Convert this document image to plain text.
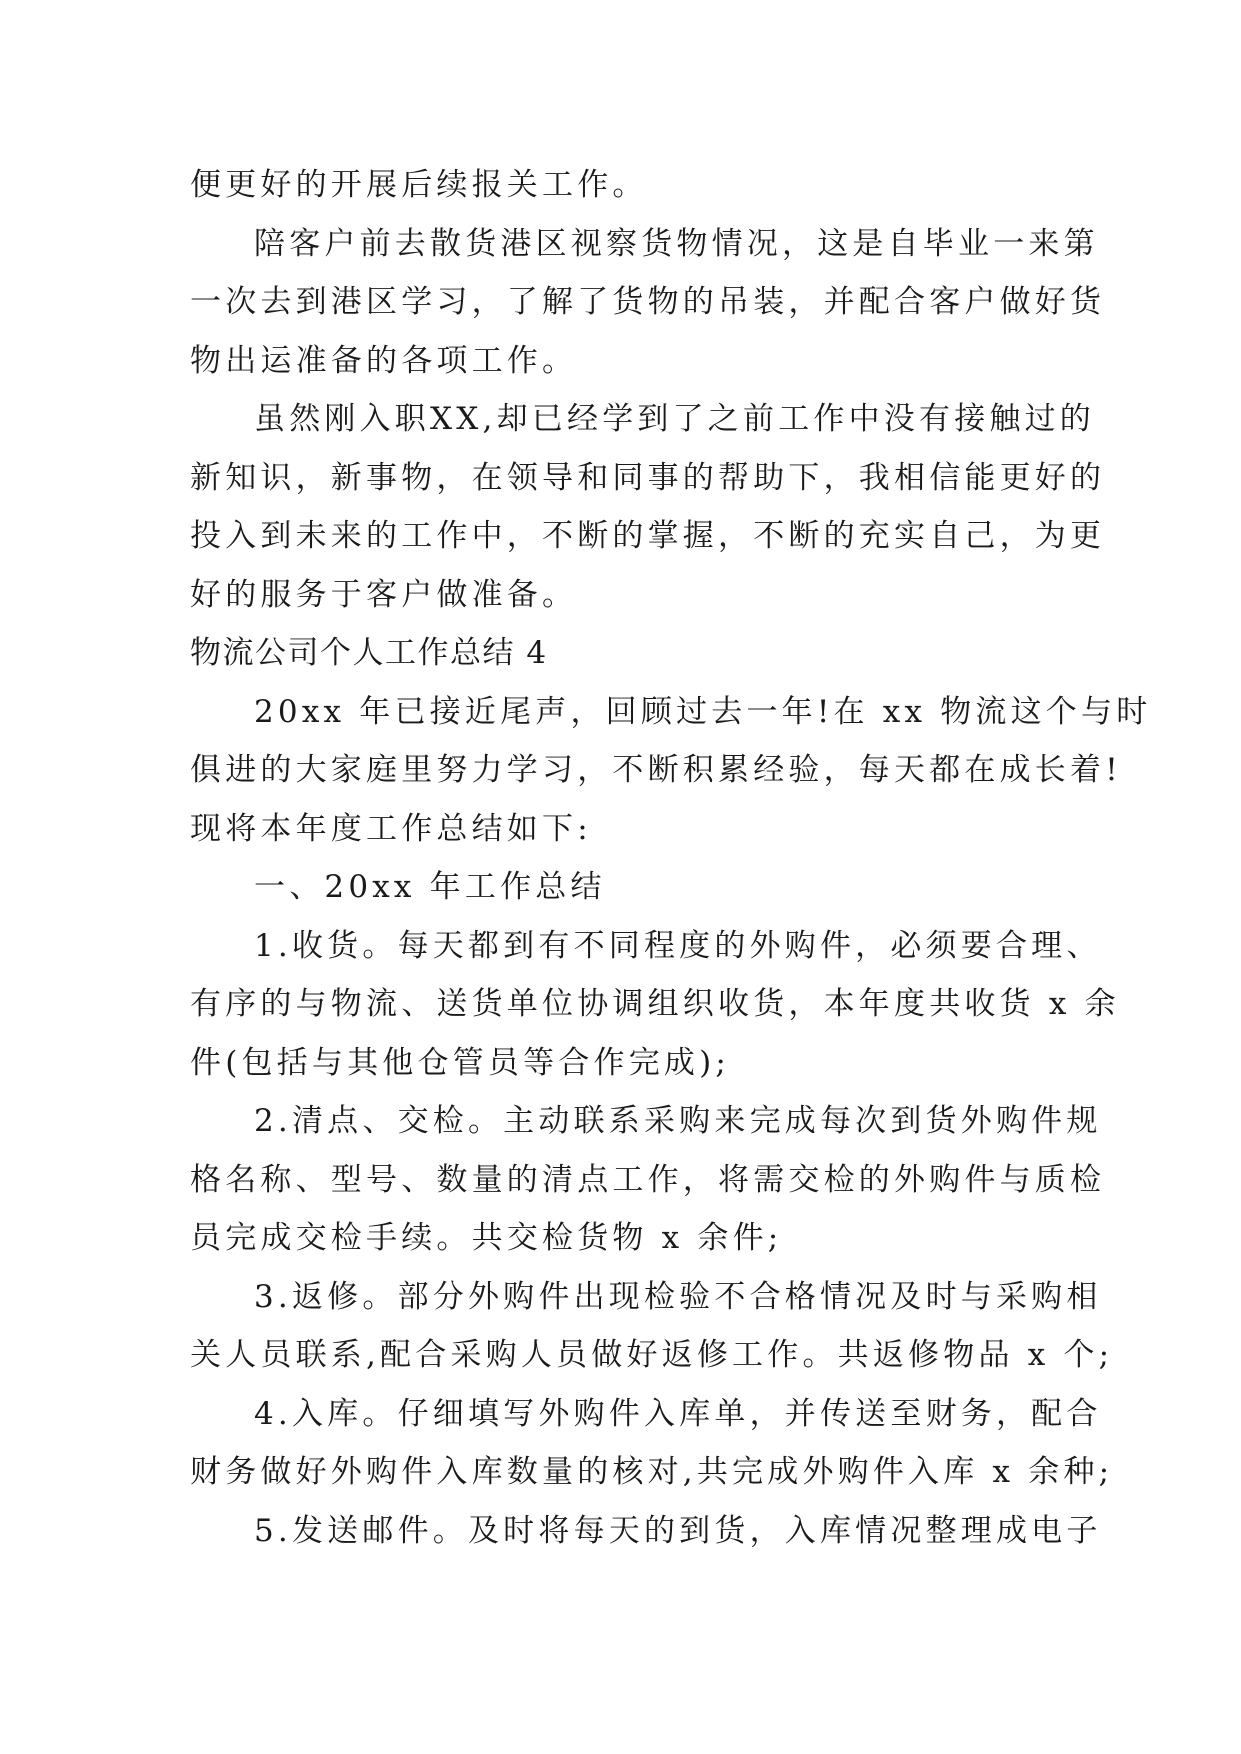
便更好的开展后续报关工作。
陪客户前去散货港区视察货物情况，这是自毕业一来第
一次去到港区学习，了解了货物的吊装，并配合客户做好货
物出运准备的各项工作。
虽然刚入职XX,却已经学到了之前工作中没有接触过的
新知识，新事物，在领导和同事的帮助下，我相信能更好的
投入到未来的工作中，不断的掌握，不断的充实自己，为更
好的服务于客户做准备。
物流公司个人工作总结 4
20xx 年已接近尾声，回顾过去一年!在 xx 物流这个与时
俱进的大家庭里努力学习，不断积累经验，每天都在成长着!
现将本年度工作总结如下:
一、20xx 年工作总结
1.收货。每天都到有不同程度的外购件，必须要合理、
有序的与物流、送货单位协调组织收货，本年度共收货 x 余
件(包括与其他仓管员等合作完成);
2.清点、交检。主动联系采购来完成每次到货外购件规
格名称、型号、数量的清点工作，将需交检的外购件与质检
员完成交检手续。共交检货物 x 余件;
3.返修。部分外购件出现检验不合格情况及时与采购相
关人员联系,配合采购人员做好返修工作。共返修物品 x 个;
4.入库。仔细填写外购件入库单，并传送至财务，配合
财务做好外购件入库数量的核对,共完成外购件入库 x 余种;
5.发送邮件。及时将每天的到货，入库情况整理成电子
